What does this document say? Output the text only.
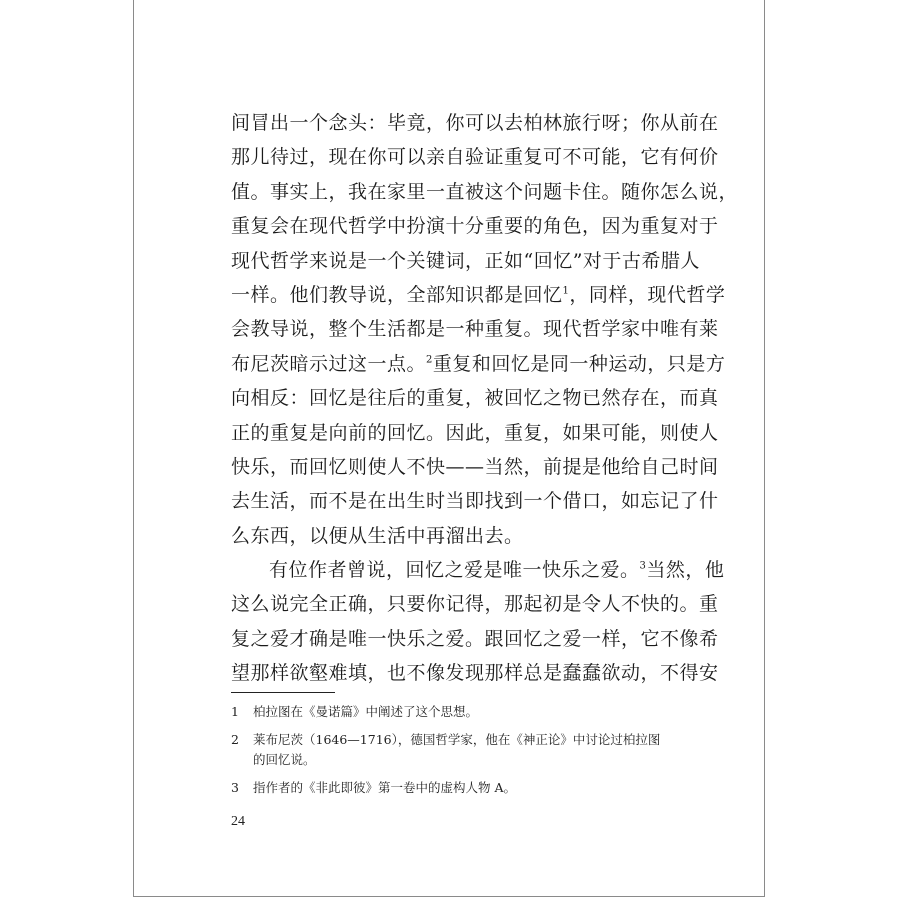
间冒出一个念头：毕竟，你可以去柏林旅行呀；你从前在
那儿待过，现在你可以亲自验证重复可不可能，它有何价
值。事实上，我在家里一直被这个问题卡住。随你怎么说，
重复会在现代哲学中扮演十分重要的角色，因为重复对于
现代哲学来说是一个关键词，正如“回忆”对于古希腊人
一样。他们教导说，全部知识都是回忆$^1$，同样，现代哲学
会教导说，整个生活都是一种重复。现代哲学家中唯有莱
布尼茨暗示过这一点。$^2$重复和回忆是同一种运动，只是方
向相反：回忆是往后的重复，被回忆之物已然存在，而真
正的重复是向前的回忆。因此，重复，如果可能，则使人
快乐，而回忆则使人不快——当然，前提是他给自己时间
去生活，而不是在出生时当即找到一个借口，如忘记了什
么东西，以便从生活中再溜出去。
有位作者曾说，回忆之爱是唯一快乐之爱。$^3$当然，他
这么说完全正确，只要你记得，那起初是令人不快的。重
复之爱才确是唯一快乐之爱。跟回忆之爱一样，它不像希
望那样欲壑难填，也不像发现那样总是蠢蠢欲动，不得安
1 柏拉图在《曼诺篇》中阐述了这个思想。
2 莱布尼茨（1646—1716），德国哲学家，他在《神正论》中讨论过柏拉图的回忆说。
3 指作者的《非此即彼》第一卷中的虚构人物 A。
24
